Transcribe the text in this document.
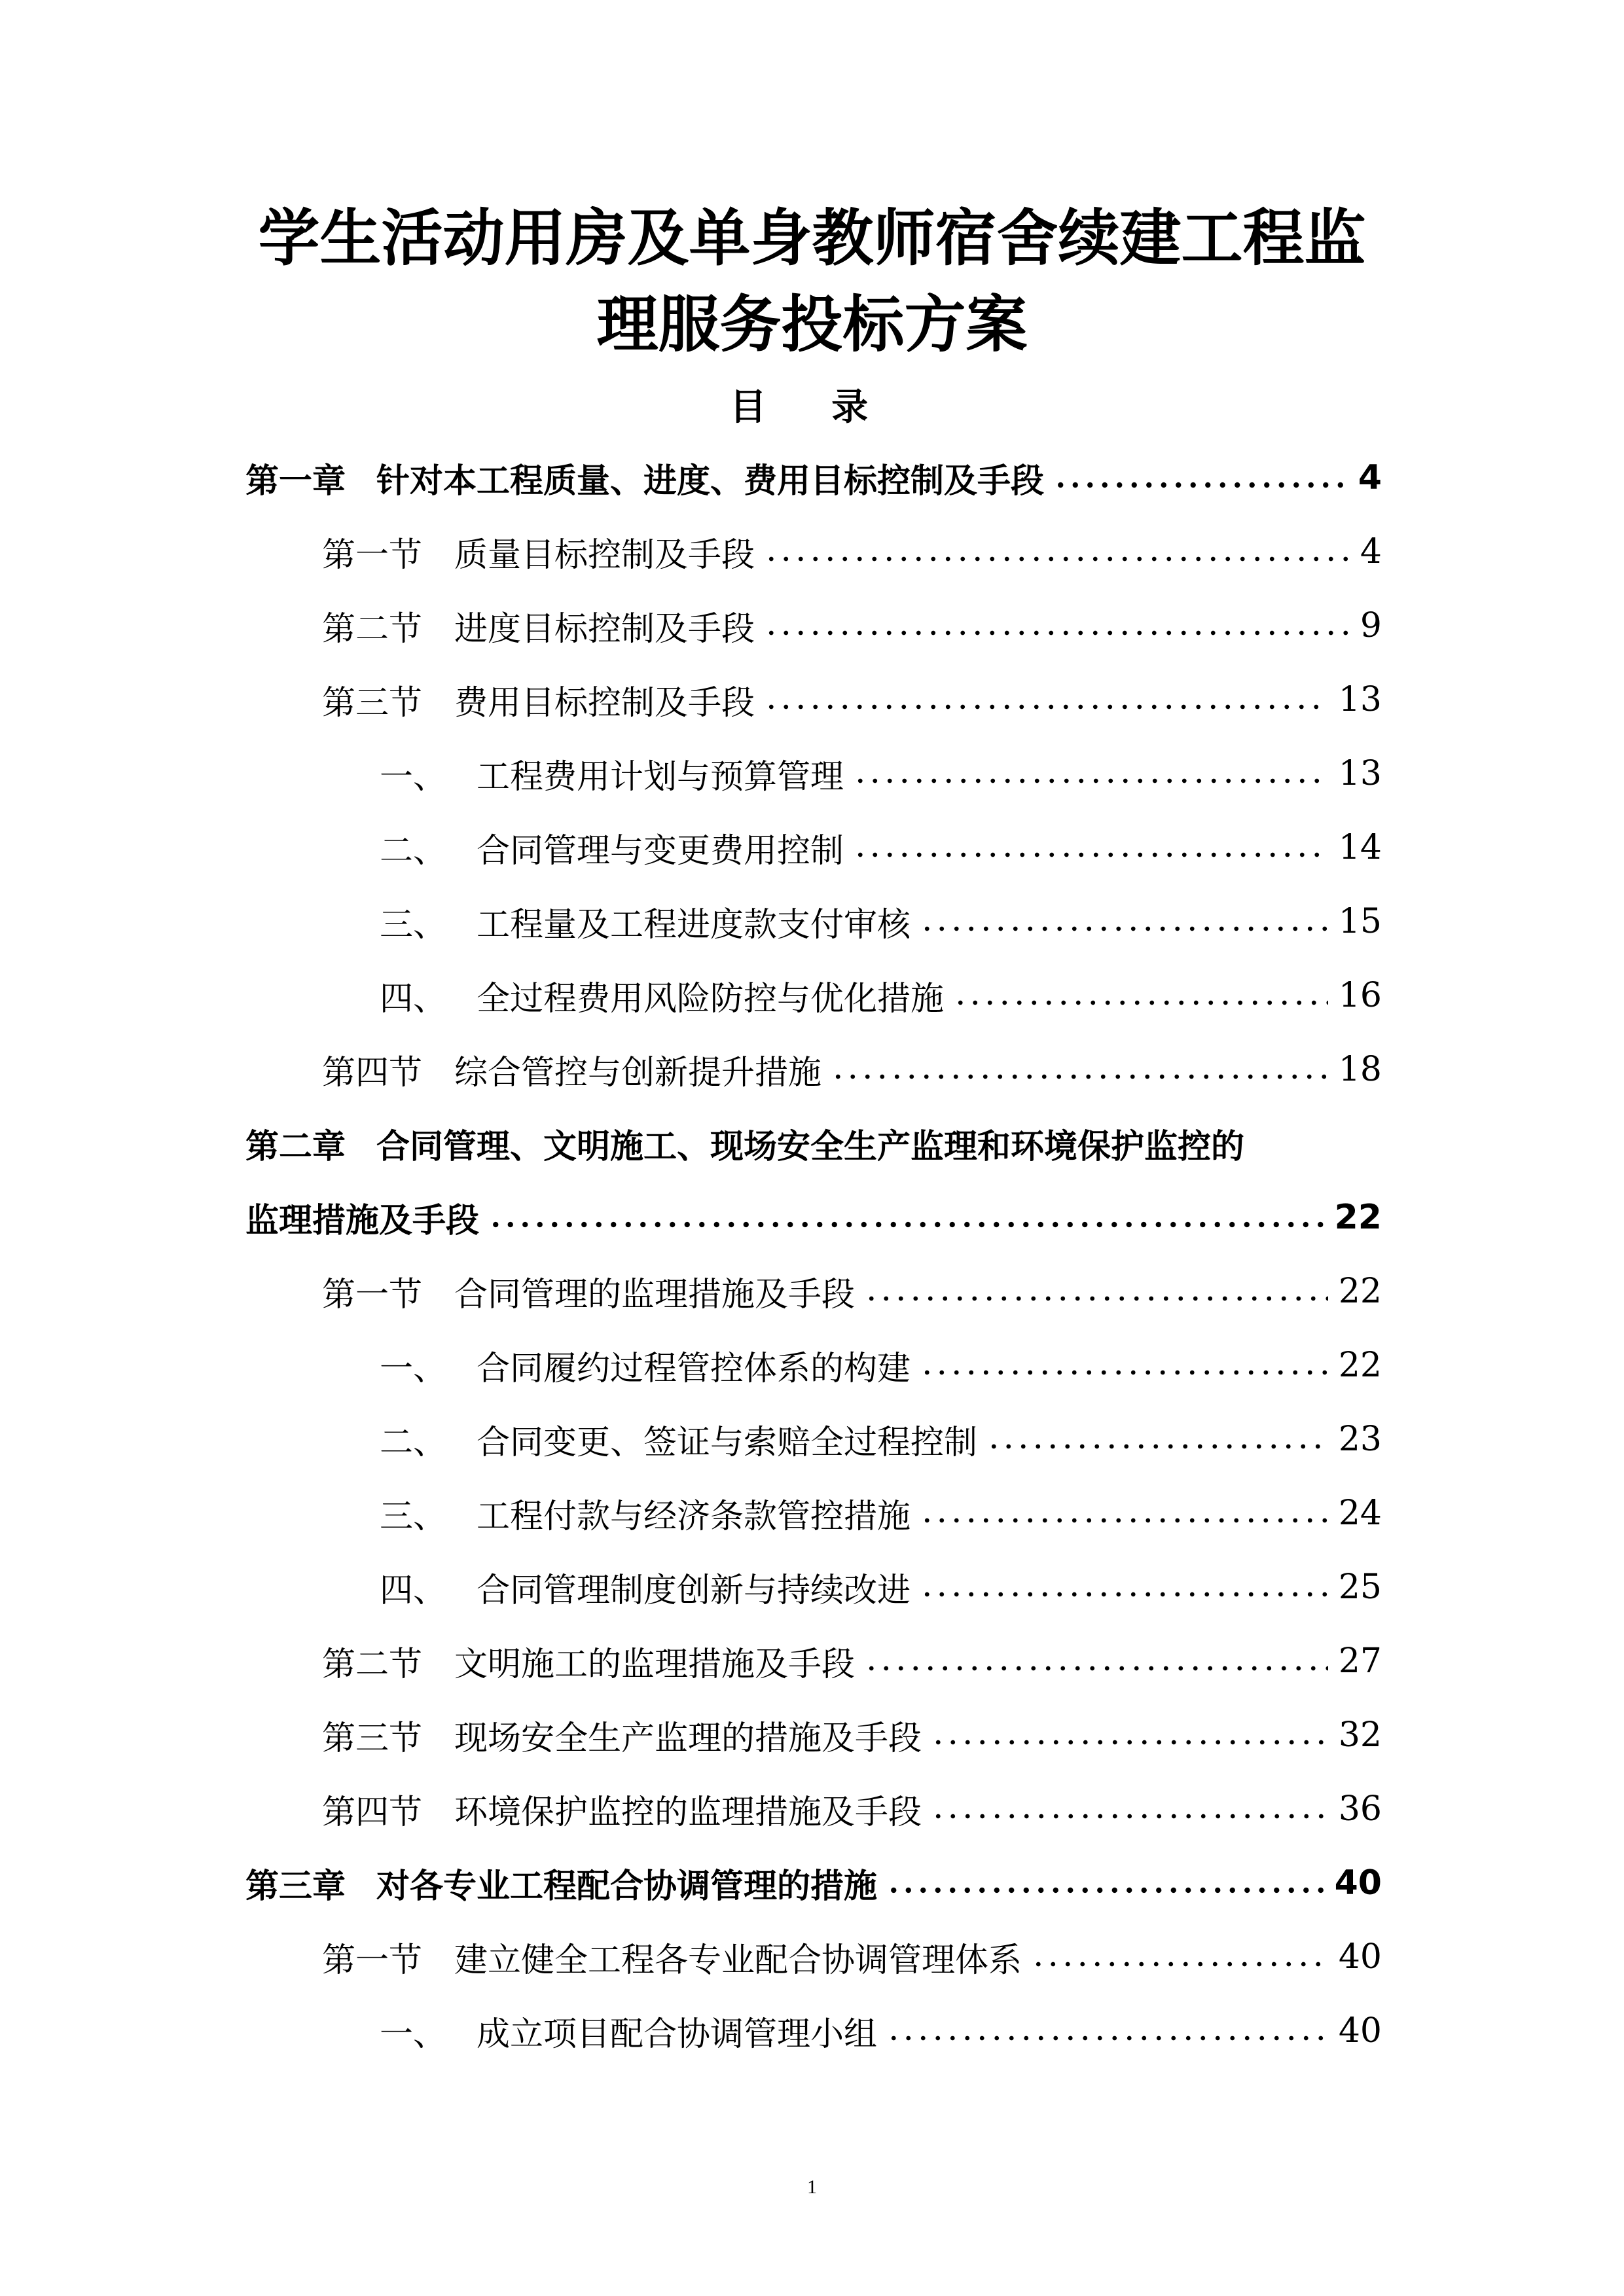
学生活动用房及单身教师宿舍续建工程监
理服务投标方案
目 录
第一章 针对本工程质量、进度、费用目标控制及手段	4
第一节 质量目标控制及手段	4
第二节 进度目标控制及手段	9
第三节 费用目标控制及手段	13
一、 工程费用计划与预算管理	13
二、 合同管理与变更费用控制	14
三、 工程量及工程进度款支付审核	15
四、 全过程费用风险防控与优化措施	16
第四节 综合管控与创新提升措施	18
第二章 合同管理、文明施工、现场安全生产监理和环境保护监控的
监理措施及手段	22
第一节 合同管理的监理措施及手段	22
一、 合同履约过程管控体系的构建	22
二、 合同变更、签证与索赔全过程控制	23
三、 工程付款与经济条款管控措施	24
四、 合同管理制度创新与持续改进	25
第二节 文明施工的监理措施及手段	27
第三节 现场安全生产监理的措施及手段	32
第四节 环境保护监控的监理措施及手段	36
第三章 对各专业工程配合协调管理的措施	40
第一节 建立健全工程各专业配合协调管理体系	40
一、 成立项目配合协调管理小组	40
1
